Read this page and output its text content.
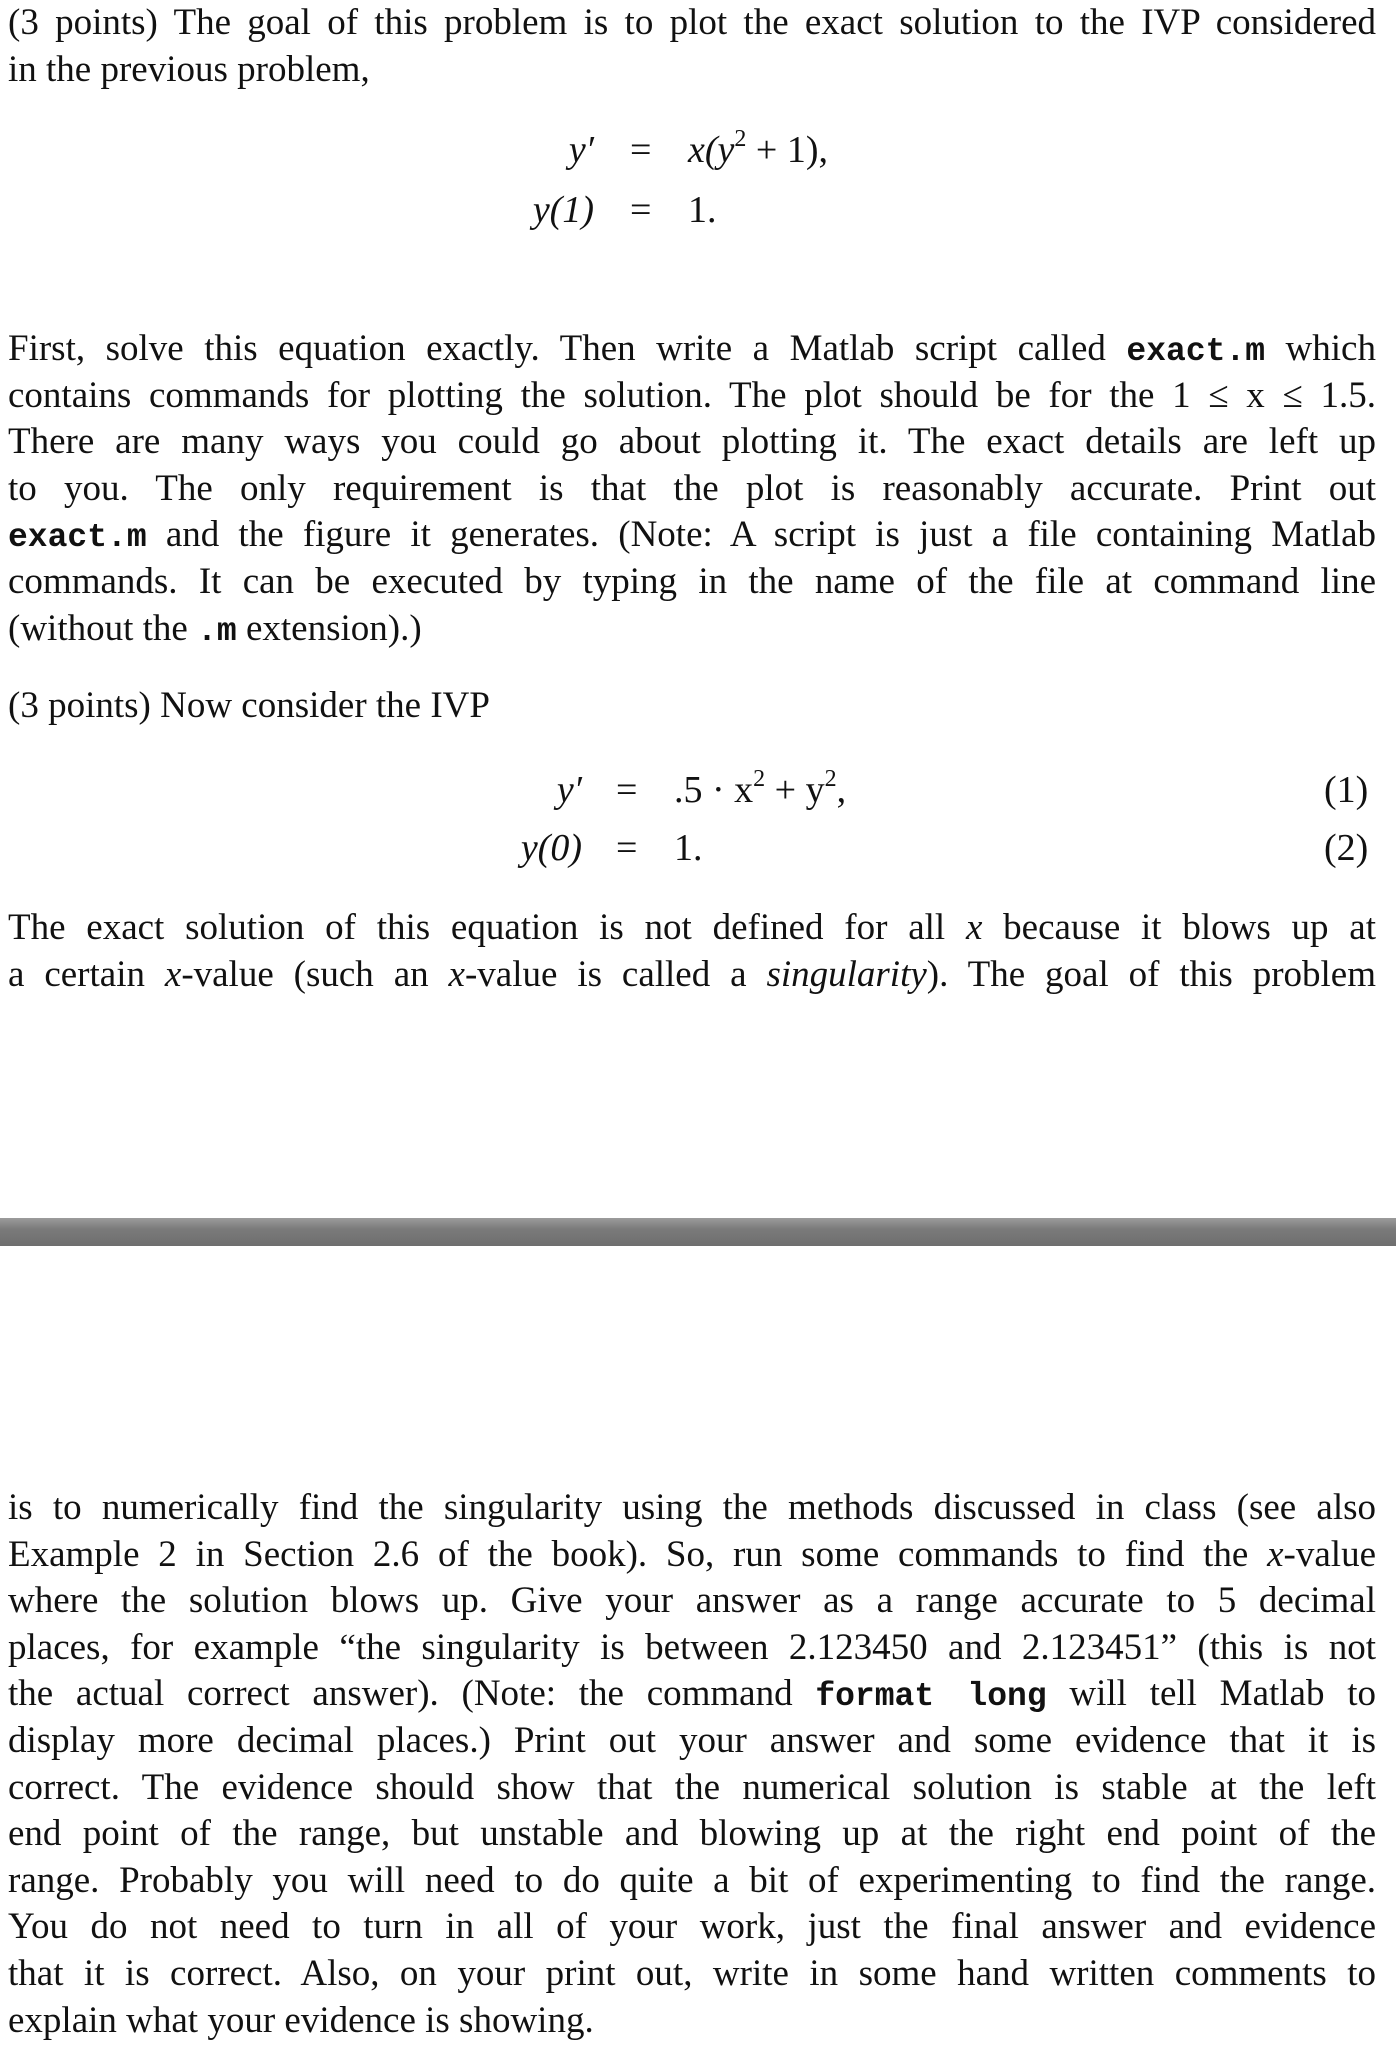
(3 points) The goal of this problem is to plot the exact solution to the IVP considered
in the previous problem,
$y' = x(y^2 + 1)$,
y(1) = 1.
First, solve this equation exactly. Then write a Matlab script called exact.m which
contains commands for plotting the solution. The plot should be for the 1 ≤ x ≤ 1.5.
There are many ways you could go about plotting it. The exact details are left up
to you. The only requirement is that the plot is reasonably accurate. Print out
exact.m and the figure it generates. (Note: A script is just a file containing Matlab
commands. It can be executed by typing in the name of the file at command line
(without the .m extension).)
(3 points) Now consider the IVP
$y' = .5 \cdot x^2 + y^2$,	(1)
y(0) = 1.	(2)
The exact solution of this equation is not defined for all x because it blows up at
a certain x-value (such an x-value is called a singularity). The goal of this problem
is to numerically find the singularity using the methods discussed in class (see also
Example 2 in Section 2.6 of the book). So, run some commands to find the x-value
where the solution blows up. Give your answer as a range accurate to 5 decimal
places, for example “the singularity is between 2.123450 and 2.123451” (this is not
the actual correct answer). (Note: the command format long will tell Matlab to
display more decimal places.) Print out your answer and some evidence that it is
correct. The evidence should show that the numerical solution is stable at the left
end point of the range, but unstable and blowing up at the right end point of the
range. Probably you will need to do quite a bit of experimenting to find the range.
You do not need to turn in all of your work, just the final answer and evidence
that it is correct. Also, on your print out, write in some hand written comments to
explain what your evidence is showing.
